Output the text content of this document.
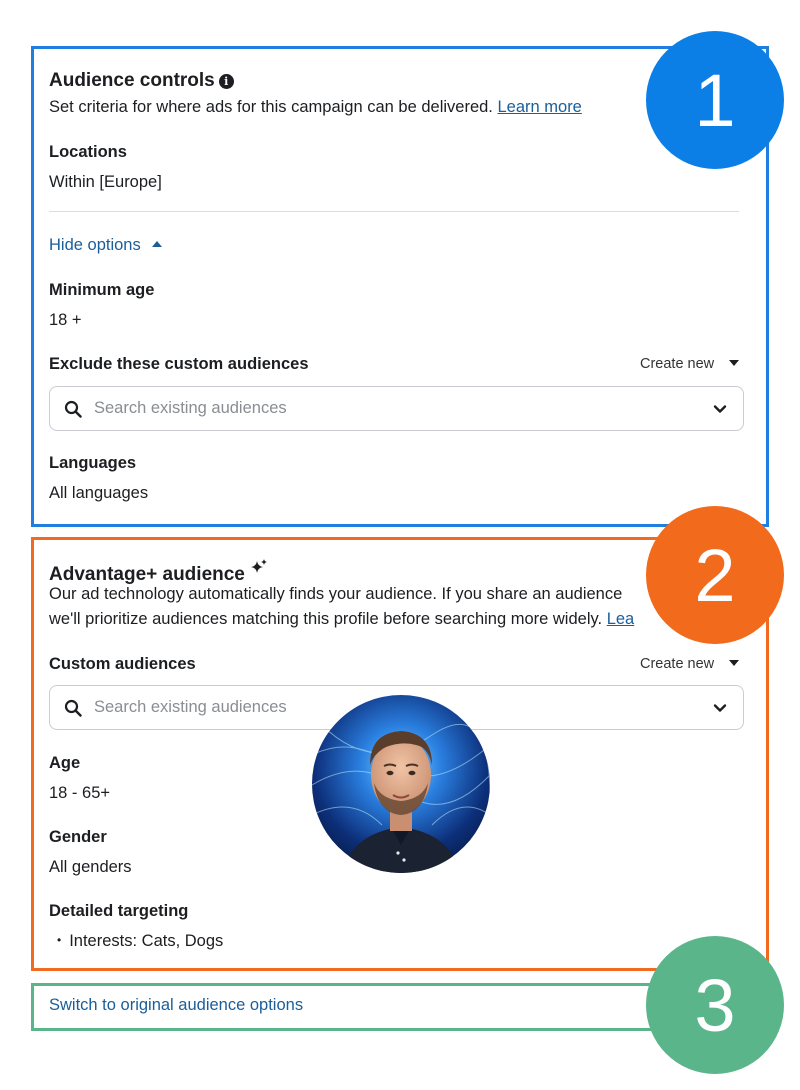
Audience controls i
Set criteria for where ads for this campaign can be delivered. Learn more
Locations
Within [Europe]
Hide options
Minimum age
18 +
Exclude these custom audiences	Create new
Search existing audiences
Languages
All languages
Advantage+ audience
Our ad technology automatically finds your audience. If you share an audience
we'll prioritize audiences matching this profile before searching more widely. Lea
Custom audiences	Create new
Search existing audiences
Age
18 - 65+
Gender
All genders
Detailed targeting
• Interests: Cats, Dogs
Switch to original audience options
1
2
3
